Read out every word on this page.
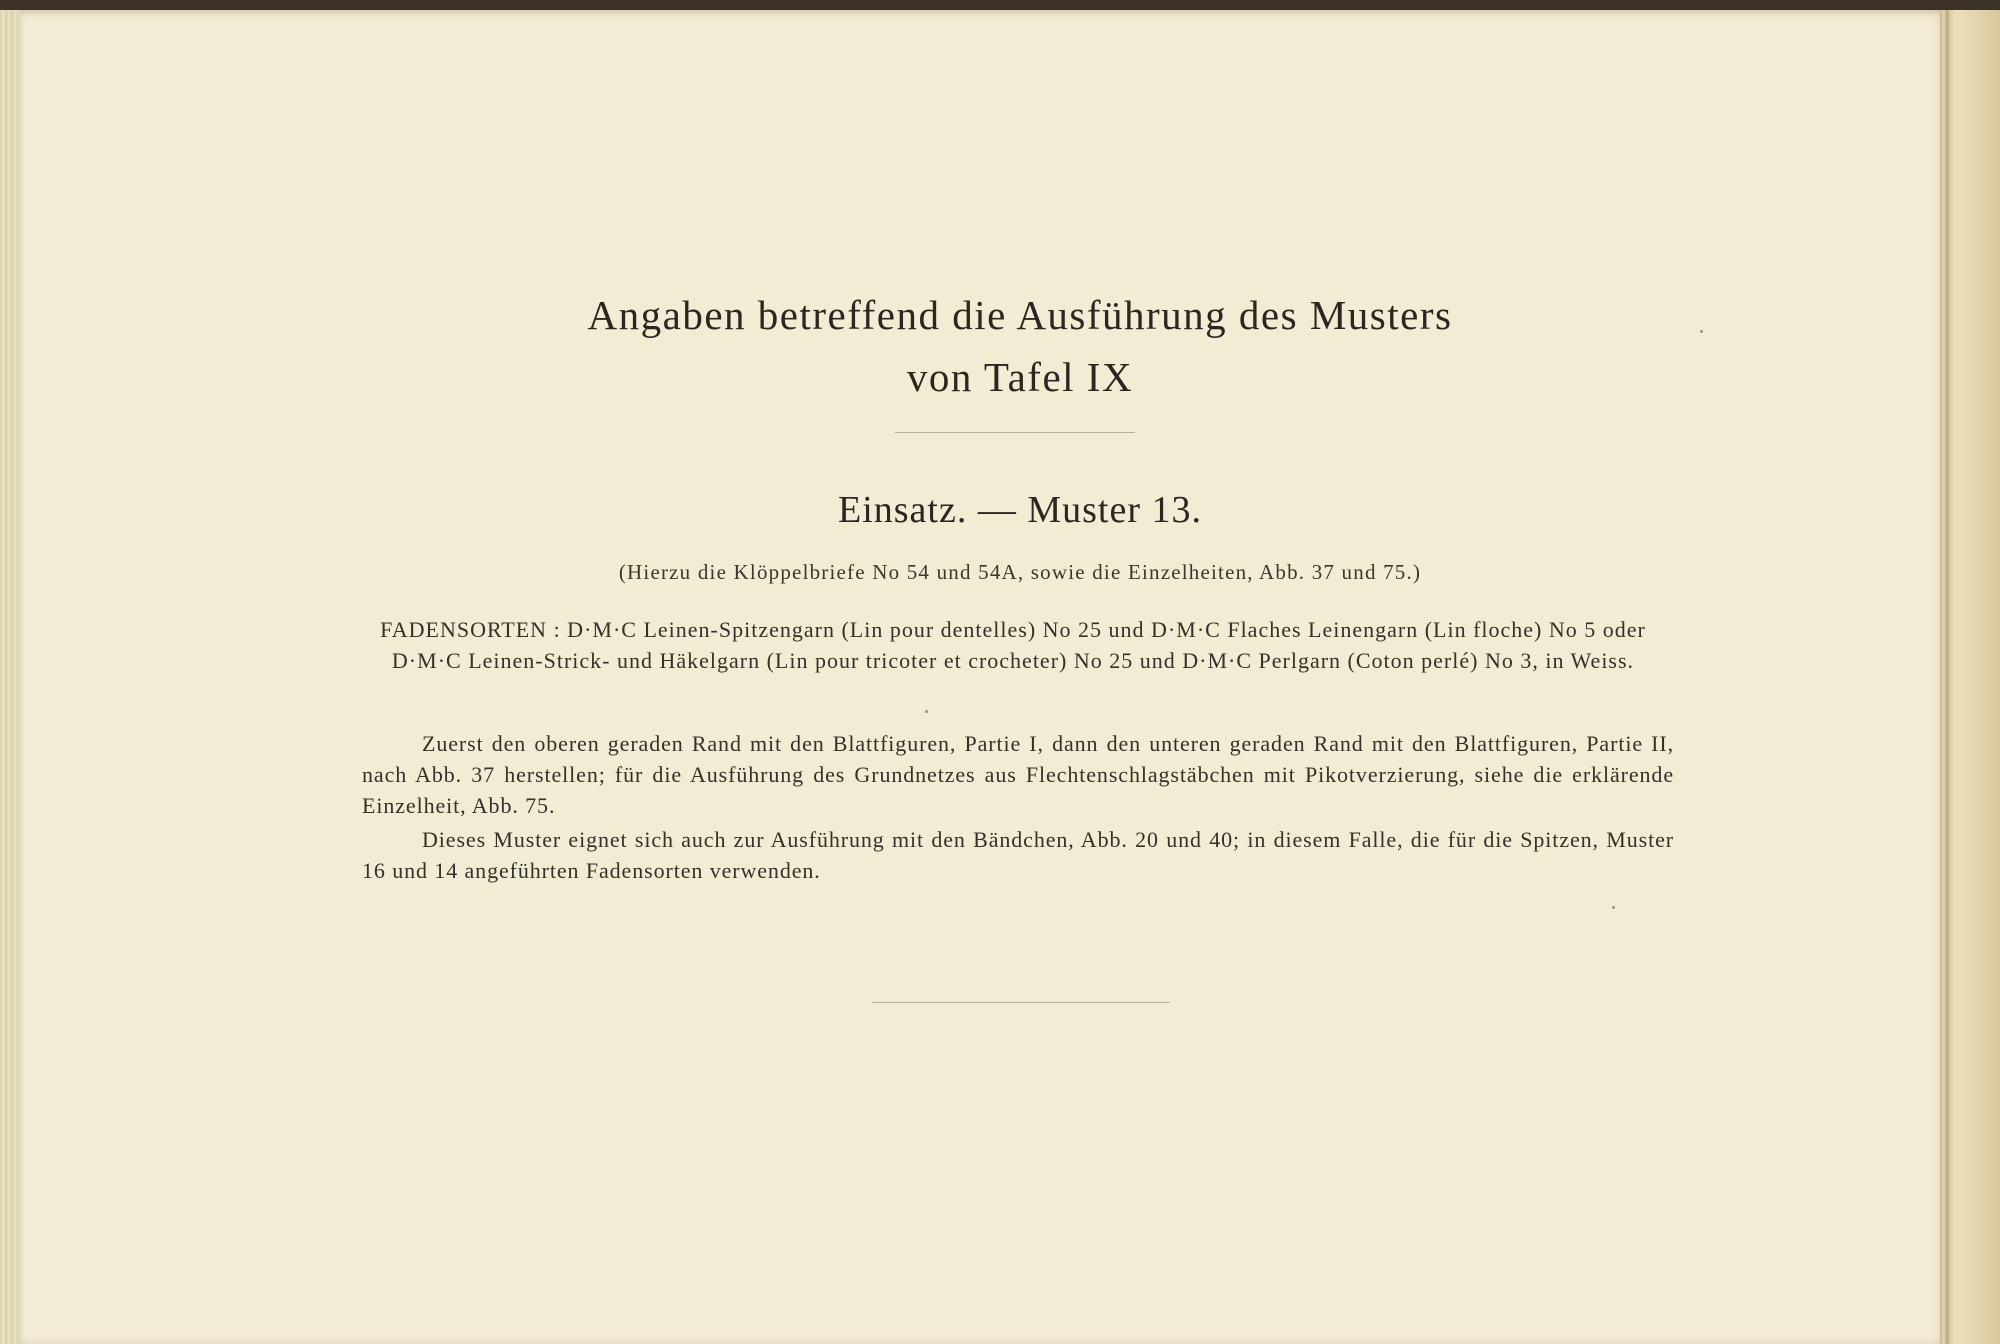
Angaben betreffend die Ausführung des Musters
von Tafel IX
Einsatz. — Muster 13.
(Hierzu die Klöppelbriefe No 54 und 54A, sowie die Einzelheiten, Abb. 37 und 75.)
FADENSORTEN : D·M·C Leinen-Spitzengarn (Lin pour dentelles) No 25 und D·M·C Flaches Leinengarn (Lin floche) No 5 oder D·M·C Leinen-Strick- und Häkelgarn (Lin pour tricoter et crocheter) No 25 und D·M·C Perlgarn (Coton perlé) No 3, in Weiss.
Zuerst den oberen geraden Rand mit den Blattfiguren, Partie I, dann den unteren geraden Rand mit den Blattfiguren, Partie II, nach Abb. 37 herstellen; für die Ausführung des Grundnetzes aus Flechtenschlagstäbchen mit Pikotverzierung, siehe die erklärende Einzelheit, Abb. 75.
Dieses Muster eignet sich auch zur Ausführung mit den Bändchen, Abb. 20 und 40; in diesem Falle, die für die Spitzen, Muster 16 und 14 angeführten Fadensorten verwenden.
